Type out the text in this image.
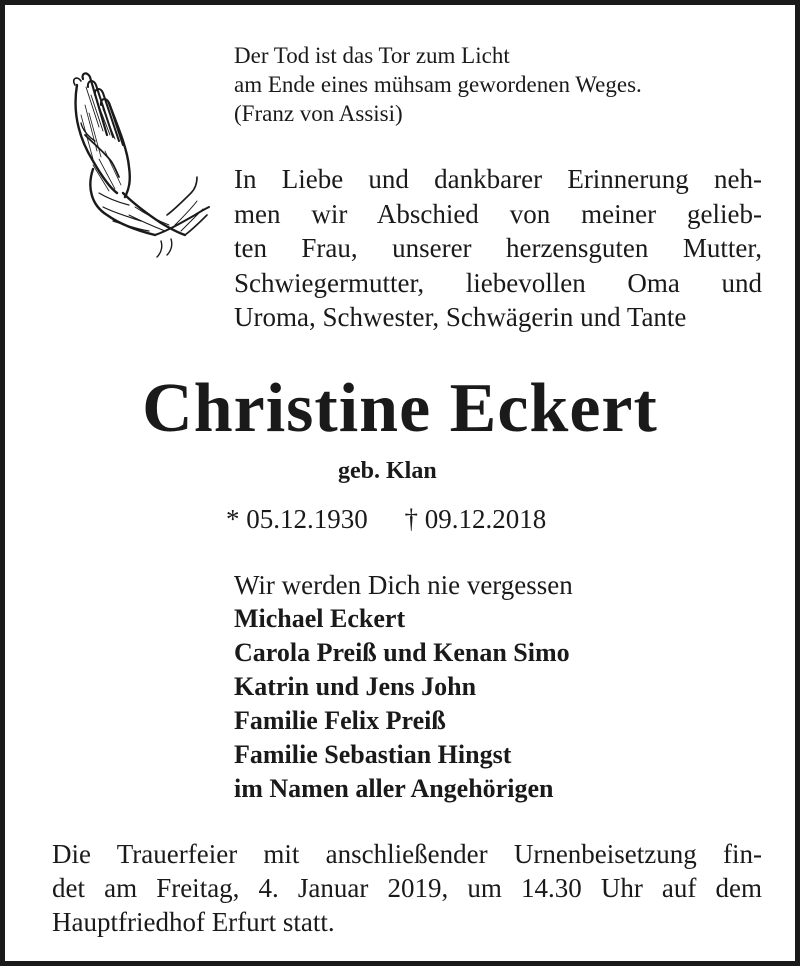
Der Tod ist das Tor zum Licht
am Ende eines mühsam gewordenen Weges.
(Franz von Assisi)
In Liebe und dankbarer Erinnerung neh-
men wir Abschied von meiner gelieb-
ten Frau, unserer herzensguten Mutter,
Schwiegermutter, liebevollen Oma und
Uroma, Schwester, Schwägerin und Tante
Christine Eckert
geb. Klan
* 05.12.1930 † 09.12.2018
Wir werden Dich nie vergessen
Michael Eckert
Carola Preiß und Kenan Simo
Katrin und Jens John
Familie Felix Preiß
Familie Sebastian Hingst
im Namen aller Angehörigen
Die Trauerfeier mit anschließender Urnenbeisetzung fin-
det am Freitag, 4. Januar 2019, um 14.30 Uhr auf dem
Hauptfriedhof Erfurt statt.
